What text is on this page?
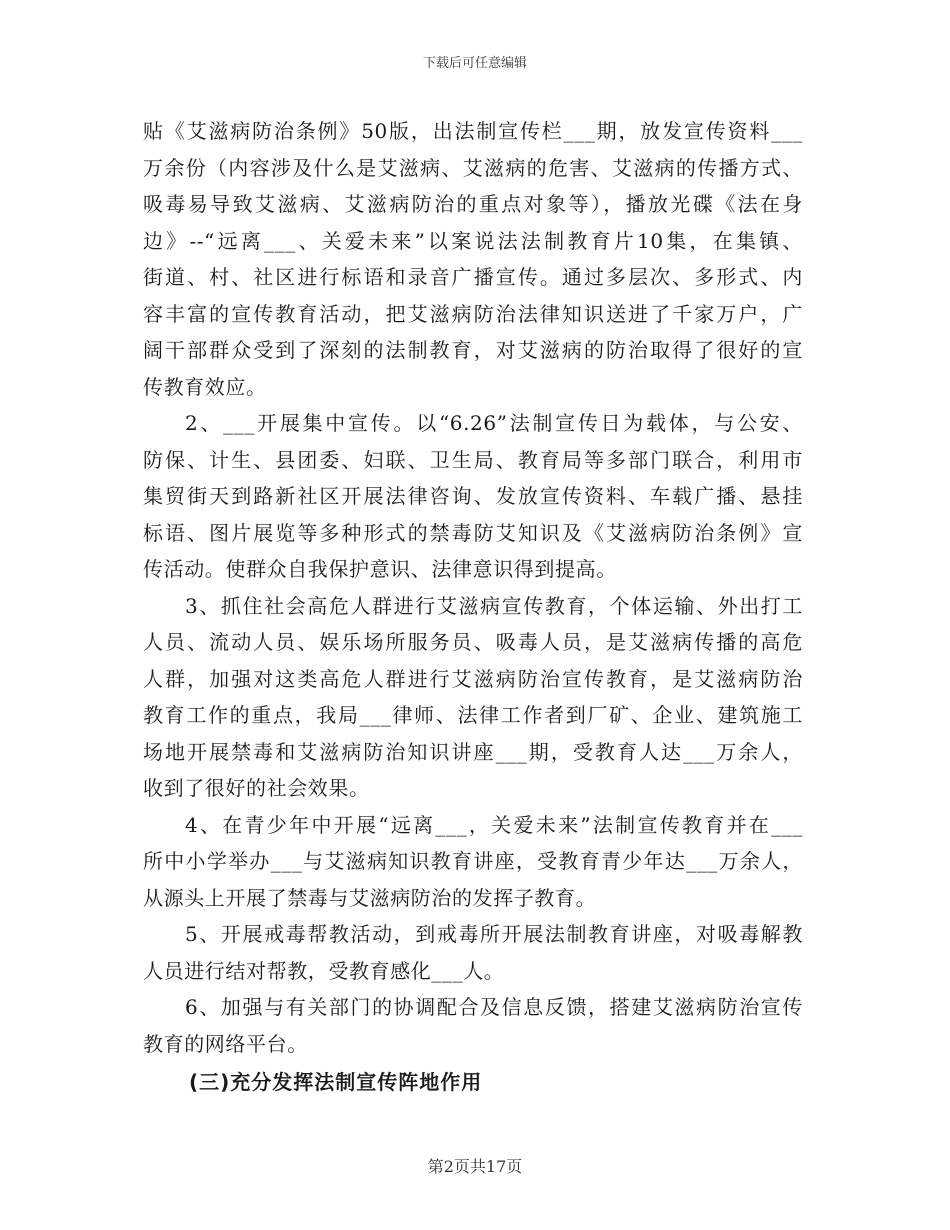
下载后可任意编辑
贴《艾滋病防治条例》50版，出法制宣传栏___期，放发宣传资料___
万余份（内容涉及什么是艾滋病、艾滋病的危害、艾滋病的传播方式、
吸毒易导致艾滋病、艾滋病防治的重点对象等），播放光碟《法在身
边》--“远离___、关爱未来”以案说法法制教育片10集，在集镇、
街道、村、社区进行标语和录音广播宣传。通过多层次、多形式、内
容丰富的宣传教育活动，把艾滋病防治法律知识送进了千家万户，广
阔干部群众受到了深刻的法制教育，对艾滋病的防治取得了很好的宣
传教育效应。
2、___开展集中宣传。以“6.26”法制宣传日为载体，与公安、
防保、计生、县团委、妇联、卫生局、教育局等多部门联合，利用市
集贸街天到路新社区开展法律咨询、发放宣传资料、车载广播、悬挂
标语、图片展览等多种形式的禁毒防艾知识及《艾滋病防治条例》宣
传活动。使群众自我保护意识、法律意识得到提高。
3、抓住社会高危人群进行艾滋病宣传教育，个体运输、外出打工
人员、流动人员、娱乐场所服务员、吸毒人员，是艾滋病传播的高危
人群，加强对这类高危人群进行艾滋病防治宣传教育，是艾滋病防治
教育工作的重点，我局___律师、法律工作者到厂矿、企业、建筑施工
场地开展禁毒和艾滋病防治知识讲座___期，受教育人达___万余人，
收到了很好的社会效果。
4、在青少年中开展“远离___，关爱未来”法制宣传教育并在___
所中小学举办___与艾滋病知识教育讲座，受教育青少年达___万余人，
从源头上开展了禁毒与艾滋病防治的发挥子教育。
5、开展戒毒帮教活动，到戒毒所开展法制教育讲座，对吸毒解教
人员进行结对帮教，受教育感化___人。
6、加强与有关部门的协调配合及信息反馈，搭建艾滋病防治宣传
教育的网络平台。
(三)充分发挥法制宣传阵地作用
第2页共17页
